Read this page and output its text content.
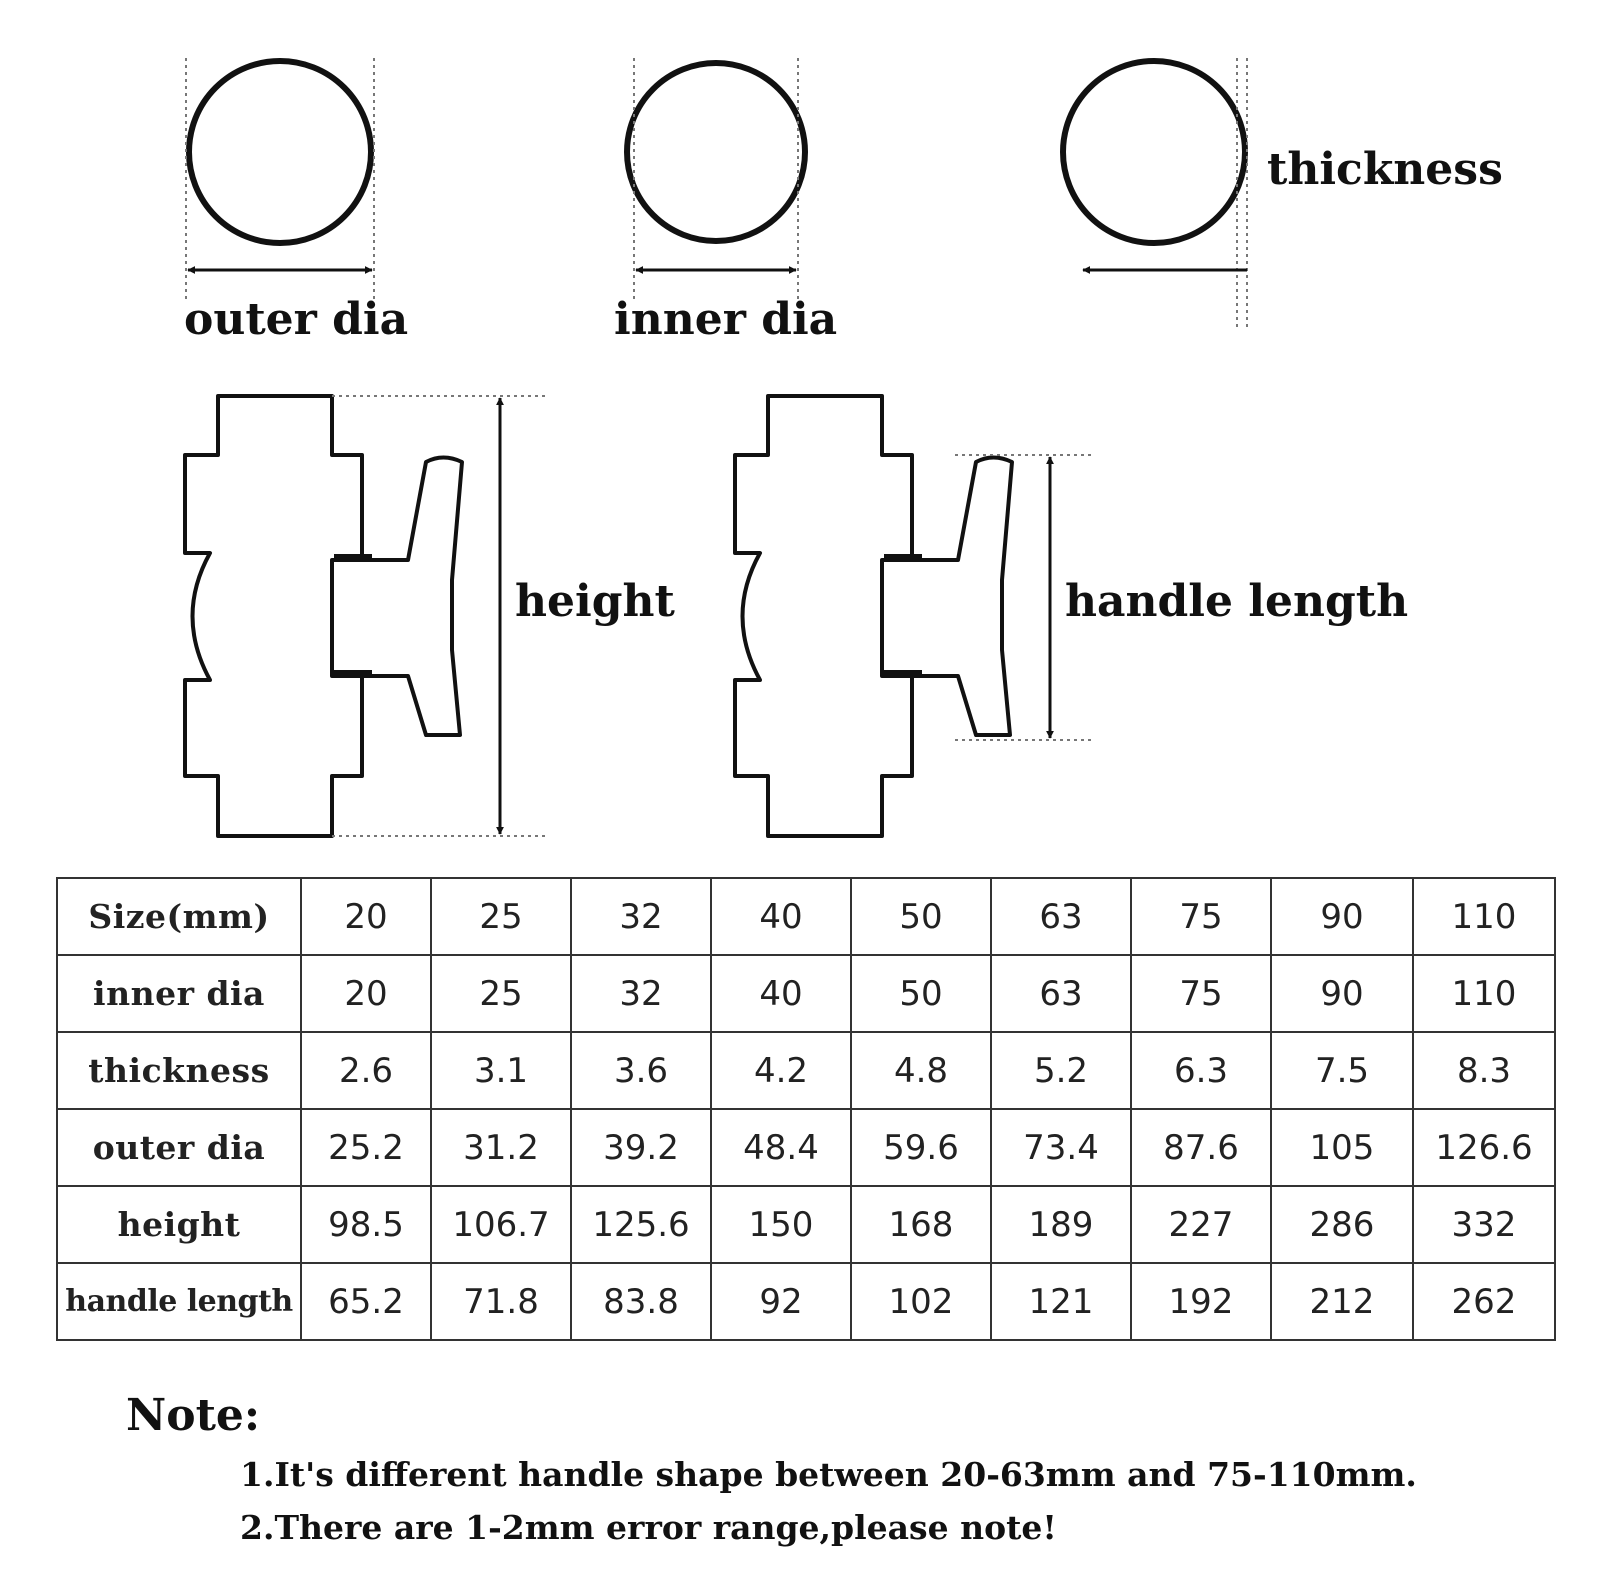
outer dia	inner dia
thickness
height	handle length
Size(mm)	20	25	32	40	50	63	75	90	110
inner dia	20	25	32	40	50	63	75	90	110
thickness	2.6	3.1	3.6	4.2	4.8	5.2	6.3	7.5	8.3
outer dia	25.2	31.2	39.2	48.4	59.6	73.4	87.6	105	126.6
height	98.5	106.7	125.6	150	168	189	227	286	332
handle length	65.2	71.8	83.8	92	102	121	192	212	262
Note:
1.It's different handle shape between 20-63mm and 75-110mm.
2.There are 1-2mm error range,please note!
